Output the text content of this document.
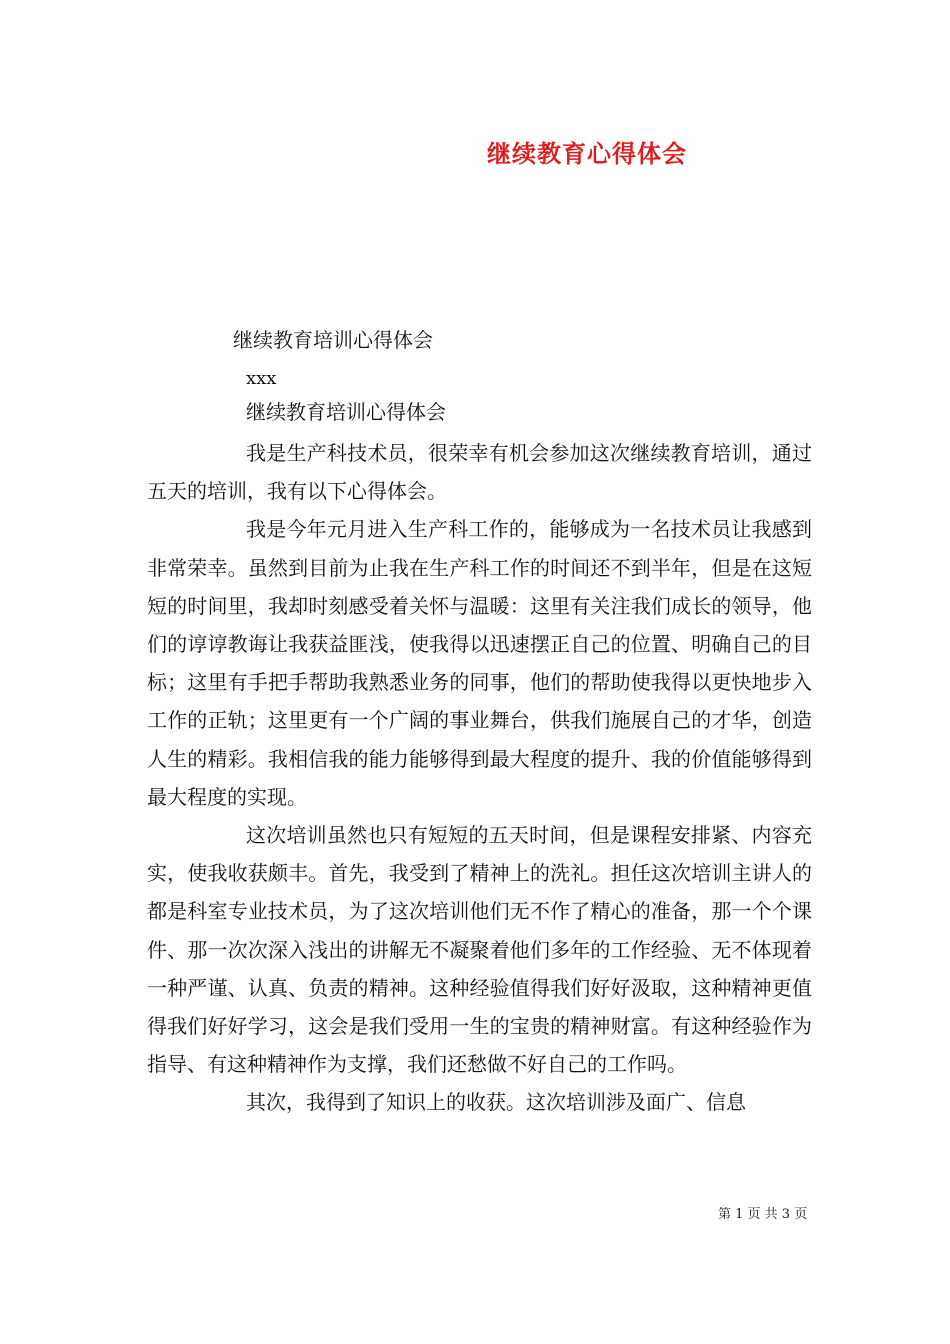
继续教育心得体会
继续教育培训心得体会
xxx
继续教育培训心得体会

我是生产科技术员，很荣幸有机会参加这次继续教育培训，通过五天的培训，我有以下心得体会。

我是今年元月进入生产科工作的，能够成为一名技术员让我感到非常荣幸。虽然到目前为止我在生产科工作的时间还不到半年，但是在这短短的时间里，我却时刻感受着关怀与温暖：这里有关注我们成长的领导，他们的谆谆教诲让我获益匪浅，使我得以迅速摆正自己的位置、明确自己的目标；这里有手把手帮助我熟悉业务的同事，他们的帮助使我得以更快地步入工作的正轨；这里更有一个广阔的事业舞台，供我们施展自己的才华，创造人生的精彩。我相信我的能力能够得到最大程度的提升、我的价值能够得到最大程度的实现。

这次培训虽然也只有短短的五天时间，但是课程安排紧、内容充实，使我收获颇丰。首先，我受到了精神上的洗礼。担任这次培训主讲人的都是科室专业技术员，为了这次培训他们无不作了精心的准备，那一个个课件、那一次次深入浅出的讲解无不凝聚着他们多年的工作经验、无不体现着一种严谨、认真、负责的精神。这种经验值得我们好好汲取，这种精神更值得我们好好学习，这会是我们受用一生的宝贵的精神财富。有这种经验作为指导、有这种精神作为支撑，我们还愁做不好自己的工作吗。

其次，我得到了知识上的收获。这次培训涉及面广、信息

第 1 页 共 3 页
